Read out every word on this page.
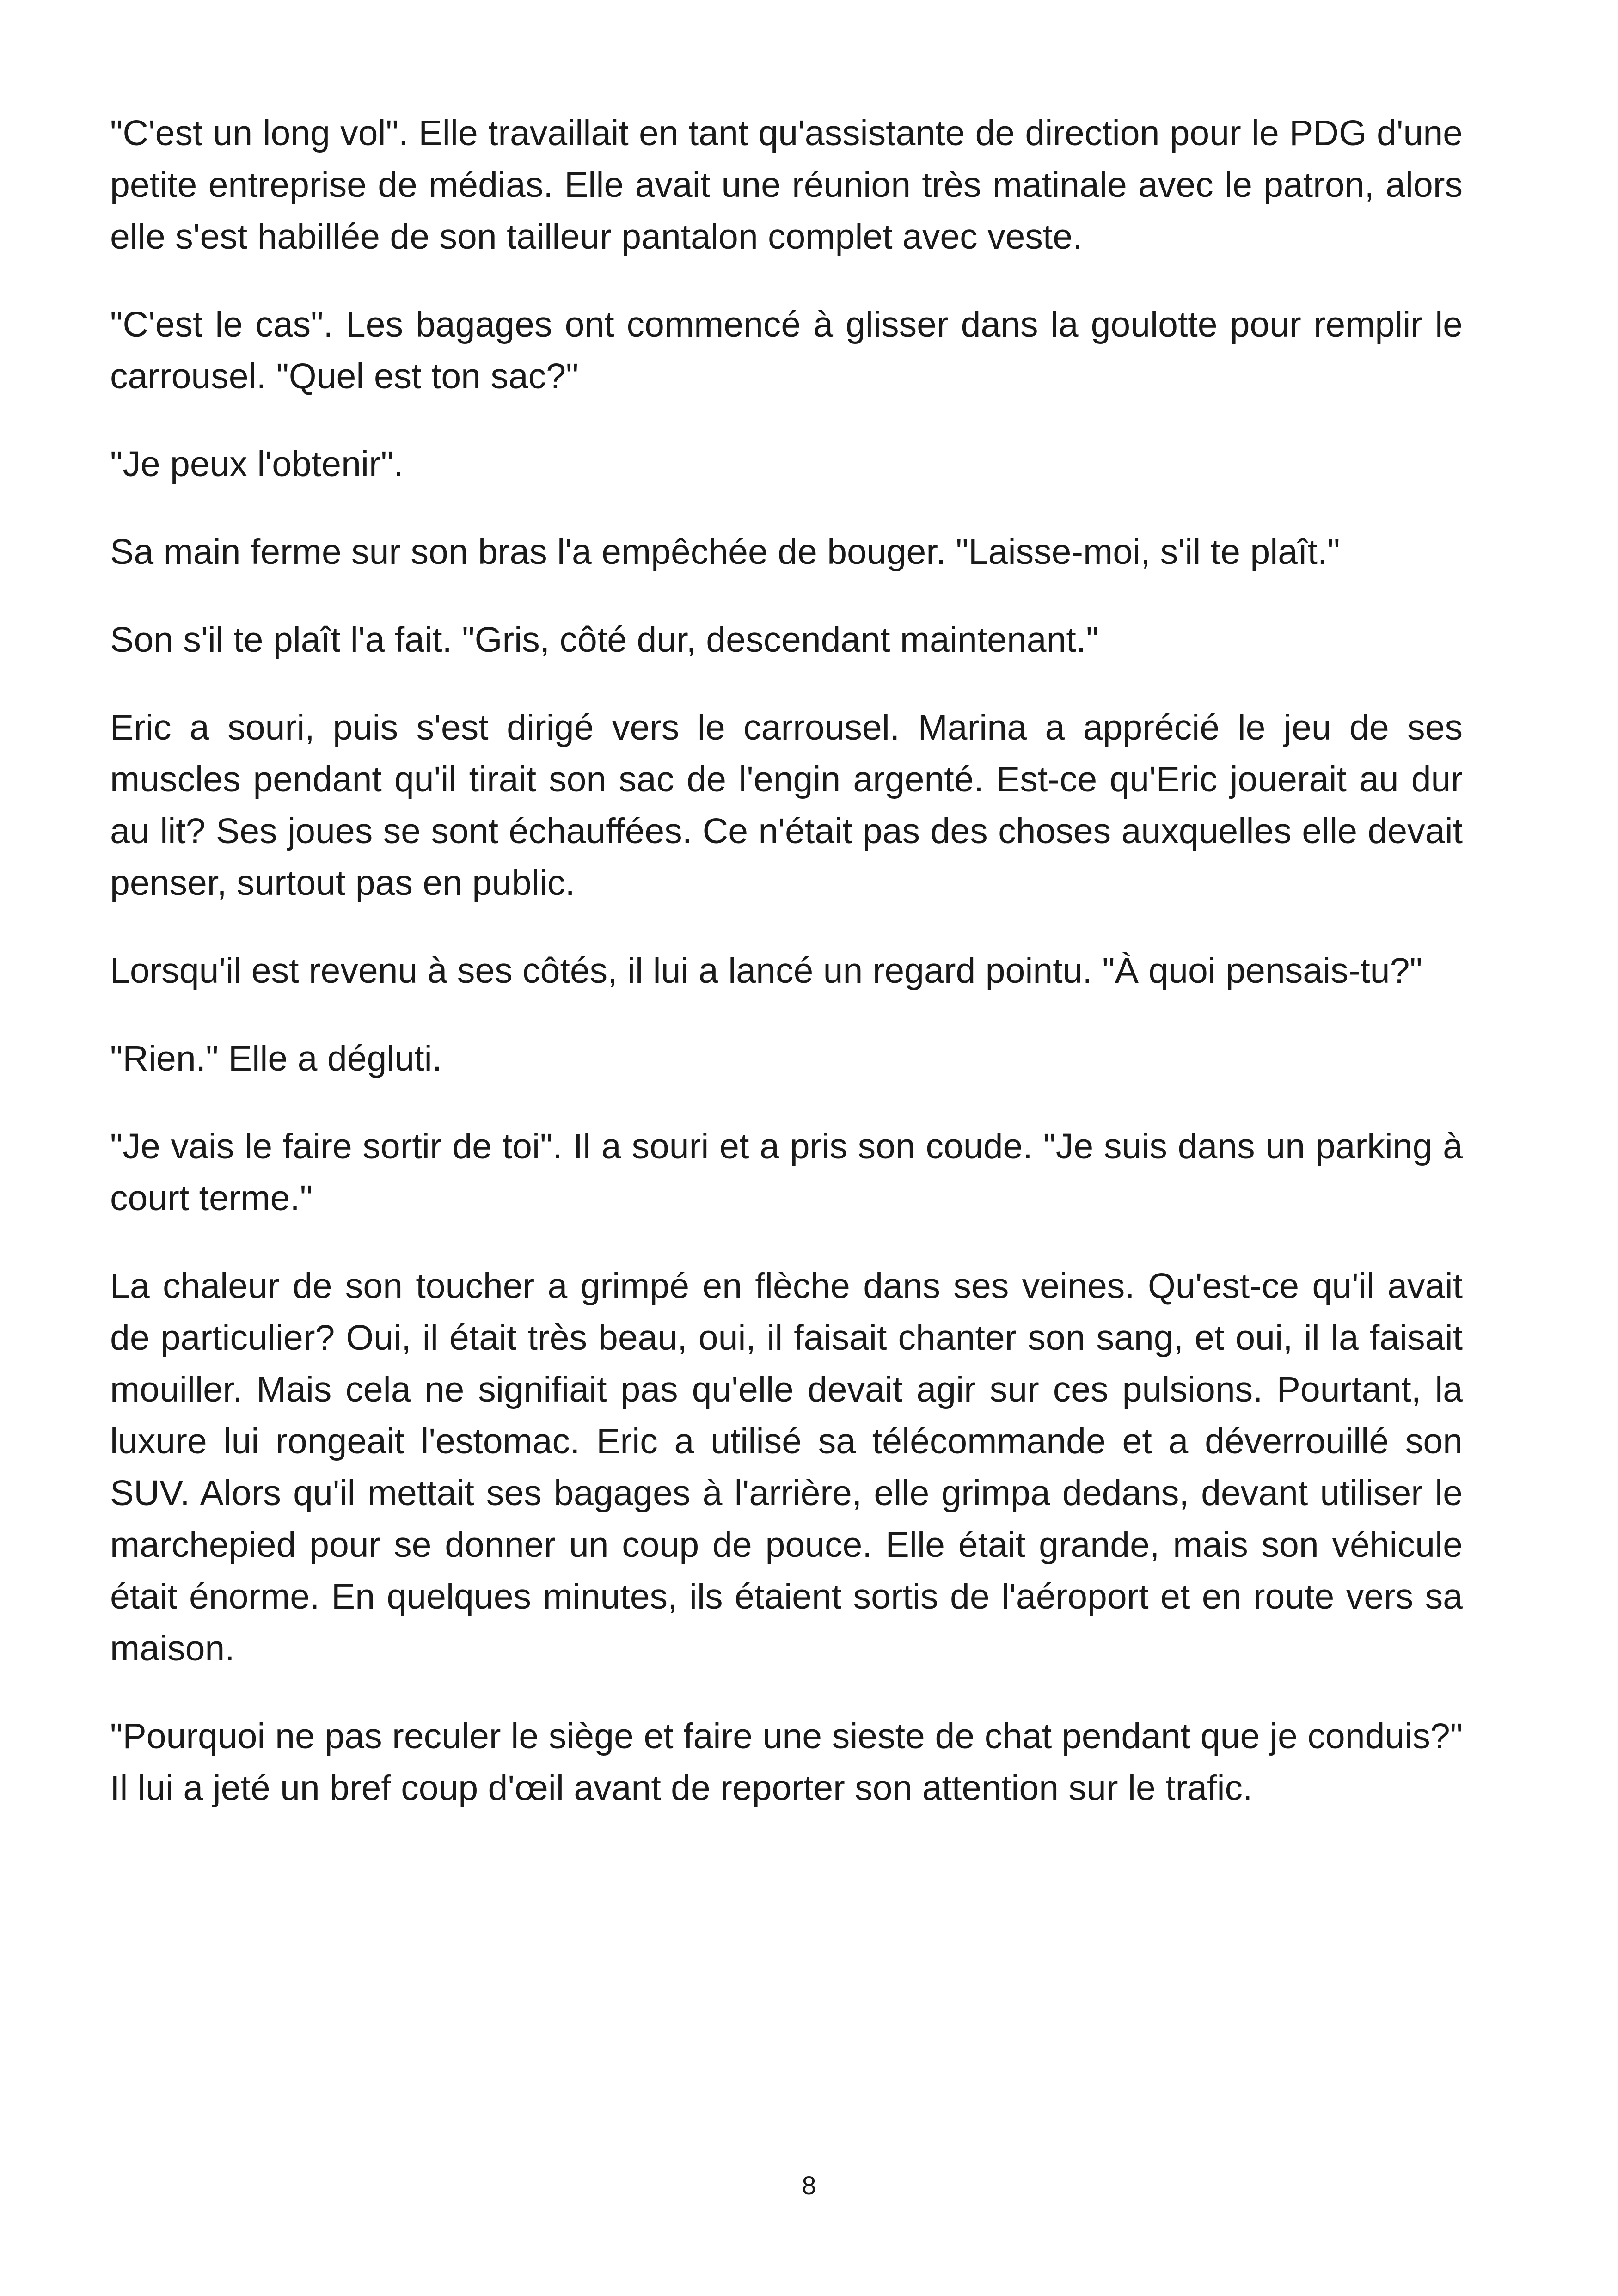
"C'est un long vol". Elle travaillait en tant qu'assistante de direction pour le PDG d'une petite entreprise de médias. Elle avait une réunion très matinale avec le patron, alors elle s'est habillée de son tailleur pantalon complet avec veste.

"C'est le cas". Les bagages ont commencé à glisser dans la goulotte pour remplir le carrousel. "Quel est ton sac?"

"Je peux l'obtenir".

Sa main ferme sur son bras l'a empêchée de bouger. "Laisse-moi, s'il te plaît."

Son s'il te plaît l'a fait. "Gris, côté dur, descendant maintenant."

Eric a souri, puis s'est dirigé vers le carrousel. Marina a apprécié le jeu de ses muscles pendant qu'il tirait son sac de l'engin argenté. Est-ce qu'Eric jouerait au dur au lit? Ses joues se sont échauffées. Ce n'était pas des choses auxquelles elle devait penser, surtout pas en public.

Lorsqu'il est revenu à ses côtés, il lui a lancé un regard pointu. "À quoi pensais-tu?"

"Rien." Elle a dégluti.

"Je vais le faire sortir de toi". Il a souri et a pris son coude. "Je suis dans un parking à court terme."

La chaleur de son toucher a grimpé en flèche dans ses veines. Qu'est-ce qu'il avait de particulier? Oui, il était très beau, oui, il faisait chanter son sang, et oui, il la faisait mouiller. Mais cela ne signifiait pas qu'elle devait agir sur ces pulsions. Pourtant, la luxure lui rongeait l'estomac. Eric a utilisé sa télécommande et a déverrouillé son SUV. Alors qu'il mettait ses bagages à l'arrière, elle grimpa dedans, devant utiliser le marchepied pour se donner un coup de pouce. Elle était grande, mais son véhicule était énorme. En quelques minutes, ils étaient sortis de l'aéroport et en route vers sa maison.

"Pourquoi ne pas reculer le siège et faire une sieste de chat pendant que je conduis?" Il lui a jeté un bref coup d'œil avant de reporter son attention sur le trafic.

8
